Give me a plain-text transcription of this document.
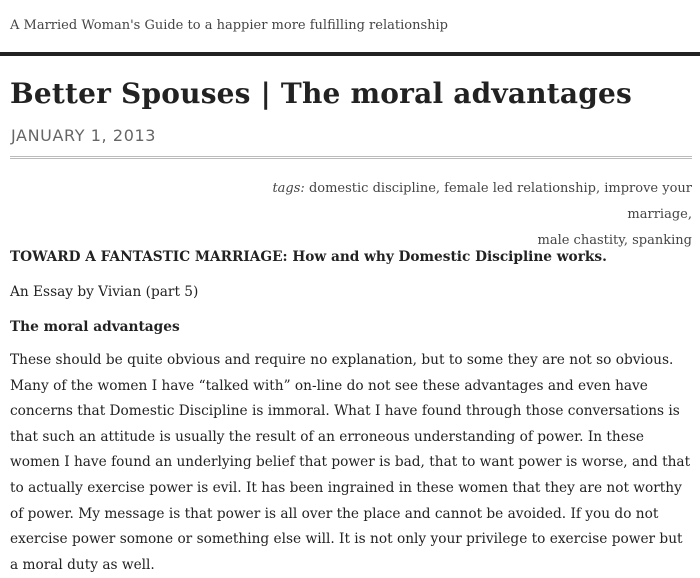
A Married Woman's Guide to a happier more fulfilling relationship
Better Spouses | The moral advantages
JANUARY 1, 2013
tags: domestic discipline, female led relationship, improve your marriage,
male chastity, spanking

TOWARD A FANTASTIC MARRIAGE: How and why Domestic Discipline works.

An Essay by Vivian (part 5)

The moral advantages

These should be quite obvious and require no explanation, but to some they are not so obvious. Many of the women I have “talked with” on-line do not see these advantages and even have concerns that Domestic Discipline is immoral. What I have found through those conversations is that such an attitude is usually the result of an erroneous understanding of power. In these women I have found an underlying belief that power is bad, that to want power is worse, and that to actually exercise power is evil. It has been ingrained in these women that they are not worthy of power. My message is that power is all over the place and cannot be avoided. If you do not exercise power somone or something else will. It is not only your privilege to exercise power but a moral duty as well.
